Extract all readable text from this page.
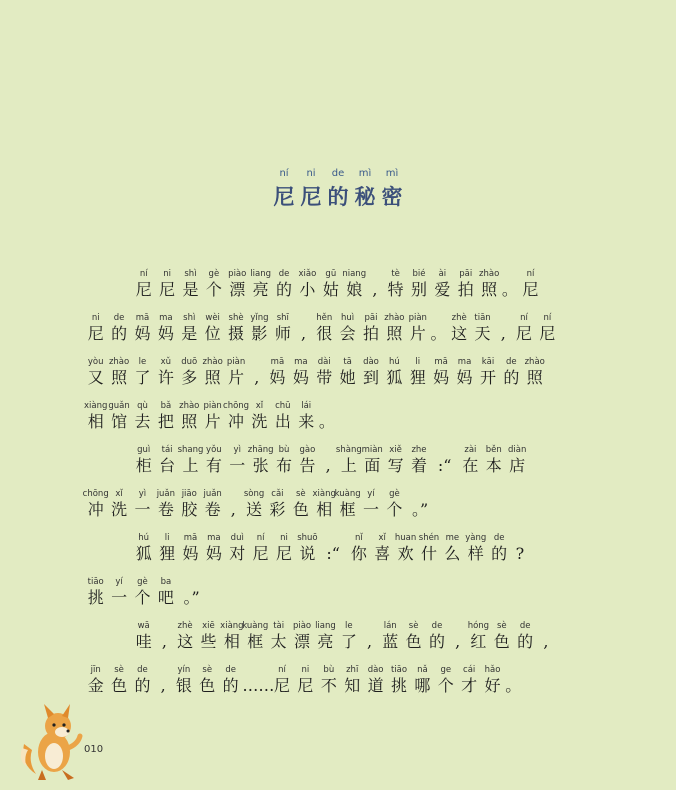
尼
ní
尼
ni
的
de
秘
mì
密
mì
尼
ní
尼
ni
是
shì
个
gè
漂
piào
亮
liang
的
de
小
xiǎo
姑
gū
娘
niang
, 特
tè
别
bié
爱
ài
拍
pāi
照
zhào
。 尼
ní
尼
ni
的
de
妈
mā
妈
ma
是
shì
位
wèi
摄
shè
影
yǐng
师
shī
, 很
hěn
会
huì
拍
pāi
照
zhào
片
piàn
。 这
zhè
天
tiān
, 尼
ní
尼
ní
又
yòu
照
zhào
了
le
许
xǔ
多
duō
照
zhào
片
piàn
, 妈
mā
妈
ma
带
dài
她
tā
到
dào
狐
hú
狸
li
妈
mā
妈
ma
开
kāi
的
de
照
zhào
相
xiàng
馆
guǎn
去
qù
把
bǎ
照
zhào
片
piàn
冲
chōng
洗
xǐ
出
chū
来
lái
。
柜
guì
台
tái
上
shang
有
yǒu
一
yì
张
zhāng
布
bù
告
gào
, 上
shàng
面
miàn
写
xiě
着
zhe
:“ 在
zài
本
běn
店
diàn
冲
chōng
洗
xǐ
一
yì
卷
juǎn
胶
jiāo
卷
juǎn
, 送
sòng
彩
cǎi
色
sè
相
xiàng
框
kuàng
一
yí
个
gè
。”
狐
hú
狸
li
妈
mā
妈
ma
对
duì
尼
ní
尼
ni
说
shuō
:“ 你
nǐ
喜
xǐ
欢
huan
什
shén
么
me
样
yàng
的
de
?
挑
tiāo
一
yí
个
gè
吧
ba
。”
哇
wā
, 这
zhè
些
xiē
相
xiàng
框
kuàng
太
tài
漂
piào
亮
liang
了
le
, 蓝
lán
色
sè
的
de
, 红
hóng
色
sè
的
de
,
金
jīn
色
sè
的
de
, 银
yín
色
sè
的
de
…… 尼
ní
尼
ni
不
bù
知
zhī
道
dào
挑
tiāo
哪
nǎ
个
ge
才
cái
好
hǎo
。
010
